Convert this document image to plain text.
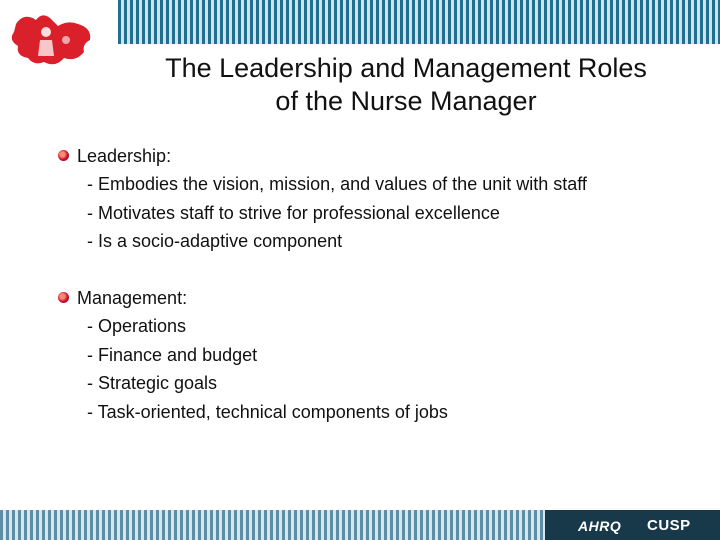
The Leadership and Management Roles
of the Nurse Manager
Leadership:
- Embodies the vision, mission, and values of the unit with staff
- Motivates staff to strive for professional excellence
- Is a socio-adaptive component
Management:
- Operations
- Finance and budget
- Strategic goals
- Task-oriented, technical components of jobs
AHRQ CUSP
